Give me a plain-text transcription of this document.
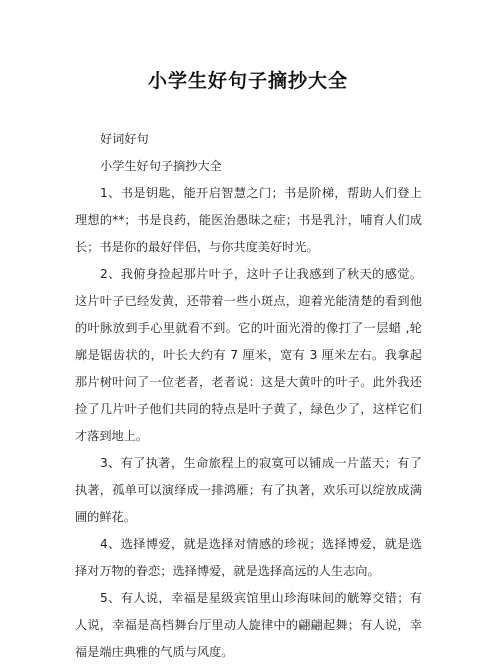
小学生好句子摘抄大全

好词好句

小学生好句子摘抄大全

1、书是钥匙，能开启智慧之门；书是阶梯，帮助人们登上理想的**；书是良药，能医治愚昧之症；书是乳汁，哺育人们成长；书是你的最好伴侣，与你共度美好时光。

2、我俯身捡起那片叶子，这叶子让我感到了秋天的感觉。这片叶子已经发黄，还带着一些小斑点，迎着光能清楚的看到他的叶脉放到手心里就看不到。它的叶面光滑的像打了一层蜡 ,轮廓是锯齿状的，叶长大约有 7 厘米，宽有 3 厘米左右。我拿起那片树叶问了一位老者，老者说：这是大黄叶的叶子。此外我还捡了几片叶子他们共同的特点是叶子黄了，绿色少了，这样它们才落到地上。

3、有了执著，生命旅程上的寂寞可以铺成一片蓝天；有了执著，孤单可以演绎成一排鸿雁；有了执著，欢乐可以绽放成满圃的鲜花。

4、选择博爱，就是选择对情感的珍视；选择博爱，就是选择对万物的眷恋；选择博爱，就是选择高远的人生志向。

5、有人说，幸福是星级宾馆里山珍海味间的觥筹交错；有人说，幸福是高档舞台厅里动人旋律中的翩翩起舞；有人说，幸福是端庄典雅的气质与风度。
